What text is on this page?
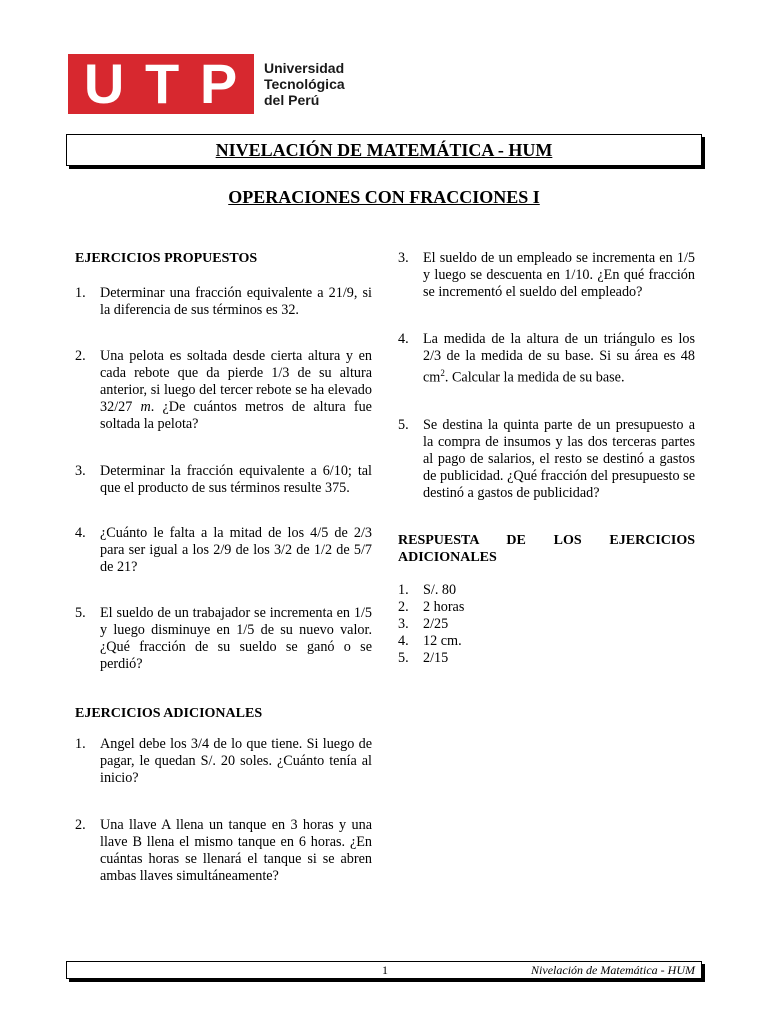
U T P Universidad
Tecnológica
del Perú
NIVELACIÓN DE MATEMÁTICA - HUM
OPERACIONES CON FRACCIONES I

EJERCICIOS PROPUESTOS

1.	Determinar una fracción equivalente a 21/9, si la diferencia de sus términos es 32.
2.	Una pelota es soltada desde cierta altura y en cada rebote que da pierde 1/3 de su altura anterior, si luego del tercer rebote se ha elevado 32/27 m. ¿De cuántos metros de altura fue soltada la pelota?
3.	Determinar la fracción equivalente a 6/10; tal que el producto de sus términos resulte 375.
4.	¿Cuánto le falta a la mitad de los 4/5 de 2/3 para ser igual a los 2/9 de los 3/2 de 1/2 de 5/7 de 21?
5.	El sueldo de un trabajador se incrementa en 1/5 y luego disminuye en 1/5 de su nuevo valor. ¿Qué fracción de su sueldo se ganó o se perdió?

EJERCICIOS ADICIONALES

1.	Angel debe los 3/4 de lo que tiene. Si luego de pagar, le quedan S/. 20 soles. ¿Cuánto tenía al inicio?
2.	Una llave A llena un tanque en 3 horas y una llave B llena el mismo tanque en 6 horas. ¿En cuántas horas se llenará el tanque si se abren ambas llaves simultáneamente?
3.	El sueldo de un empleado se incrementa en 1/5 y luego se descuenta en 1/10. ¿En qué fracción se incrementó el sueldo del empleado?
4.	La medida de la altura de un triángulo es los 2/3 de la medida de su base. Si su área es 48 $cm^2$. Calcular la medida de su base.
5.	Se destina la quinta parte de un presupuesto a la compra de insumos y las dos terceras partes al pago de salarios, el resto se destinó a gastos de publicidad. ¿Qué fracción del presupuesto se destinó a gastos de publicidad?

RESPUESTA DE LOS EJERCICIOS ADICIONALES

1.	S/. 80
2.	2 horas
3.	2/25
4.	12 cm.
5.	2/15
1	Nivelación de Matemática - HUM
